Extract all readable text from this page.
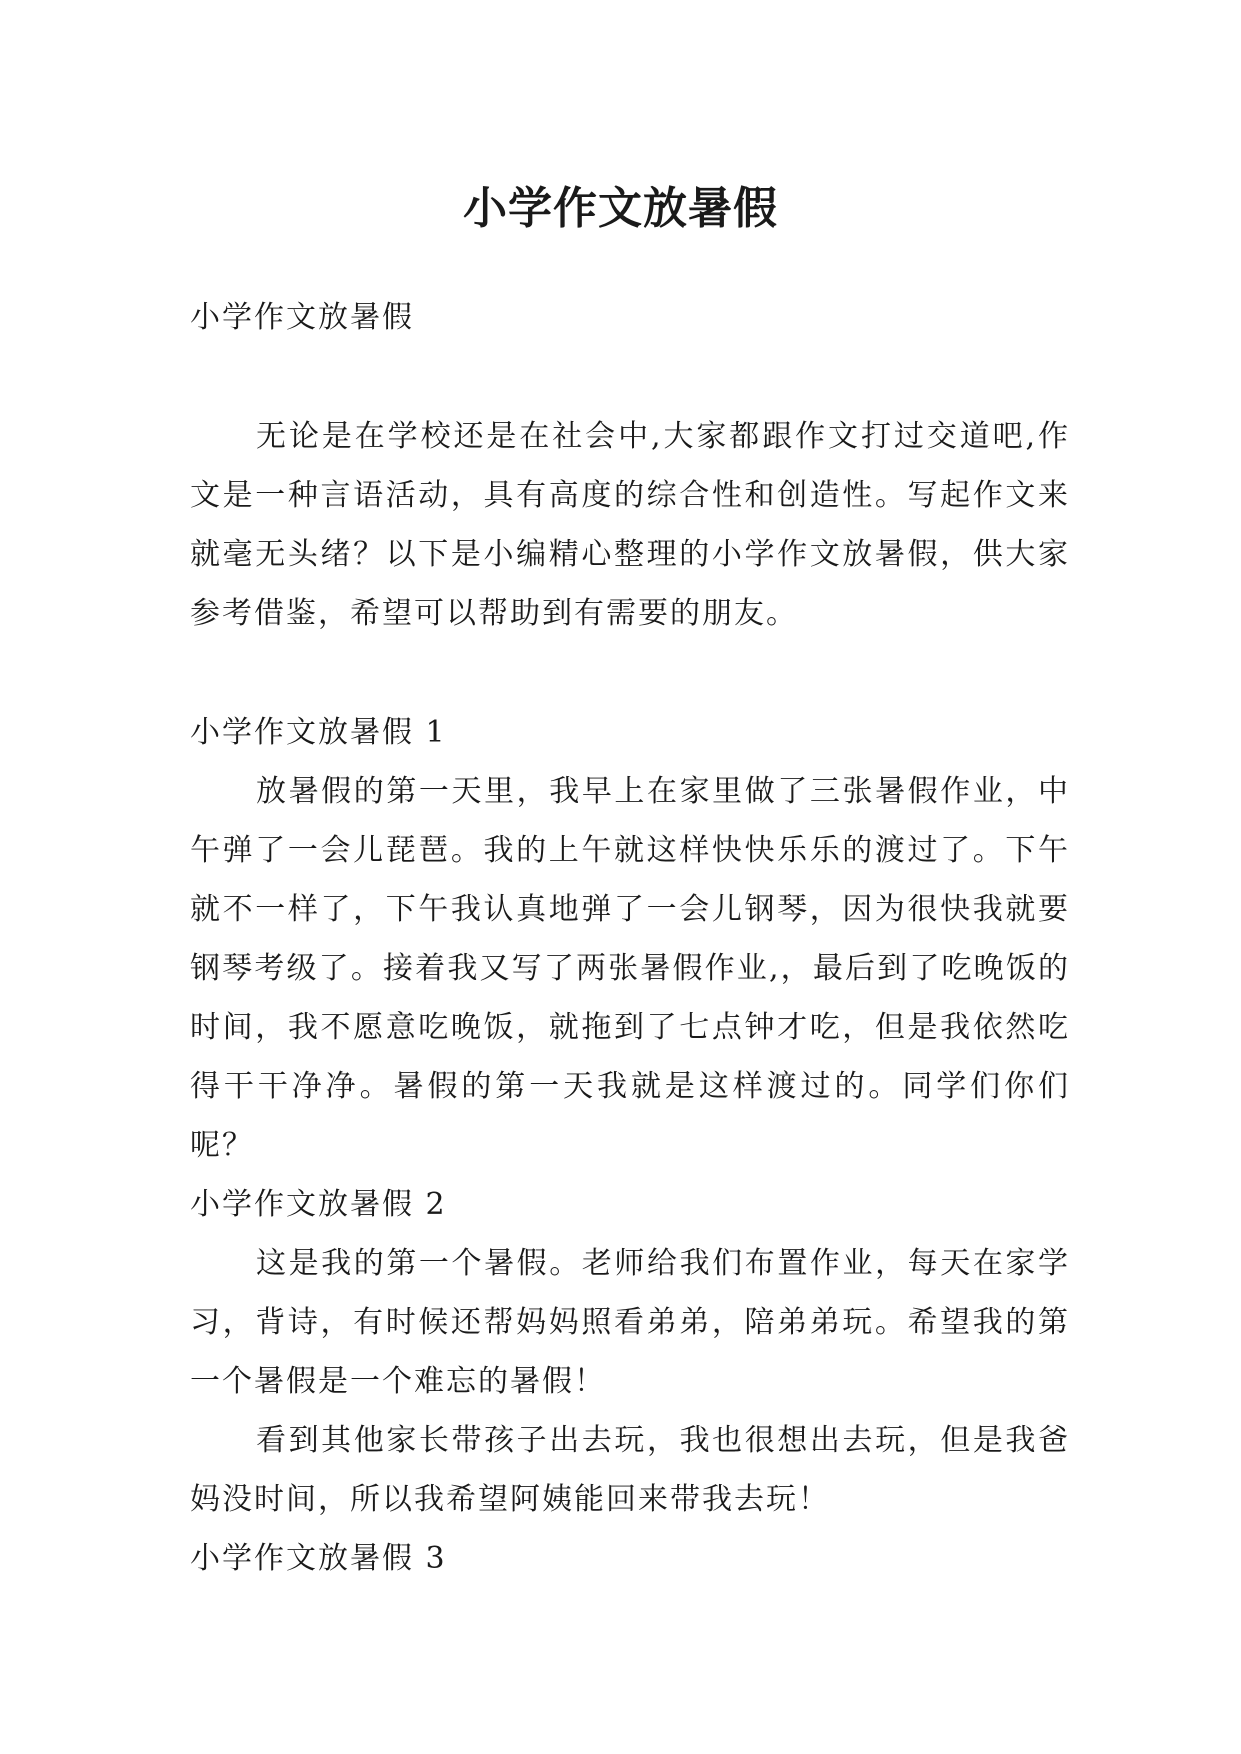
小学作文放暑假

小学作文放暑假

无论是在学校还是在社会中,大家都跟作文打过交道吧,作文是一种言语活动，具有高度的综合性和创造性。写起作文来就毫无头绪？以下是小编精心整理的小学作文放暑假，供大家参考借鉴，希望可以帮助到有需要的朋友。

小学作文放暑假 1

放暑假的第一天里，我早上在家里做了三张暑假作业，中午弹了一会儿琵琶。我的上午就这样快快乐乐的渡过了。下午就不一样了，下午我认真地弹了一会儿钢琴，因为很快我就要钢琴考级了。接着我又写了两张暑假作业,，最后到了吃晚饭的时间，我不愿意吃晚饭，就拖到了七点钟才吃，但是我依然吃得干干净净。暑假的第一天我就是这样渡过的。同学们你们呢？

小学作文放暑假 2

这是我的第一个暑假。老师给我们布置作业，每天在家学习，背诗，有时候还帮妈妈照看弟弟，陪弟弟玩。希望我的第一个暑假是一个难忘的暑假！

看到其他家长带孩子出去玩，我也很想出去玩，但是我爸妈没时间，所以我希望阿姨能回来带我去玩！

小学作文放暑假 3
